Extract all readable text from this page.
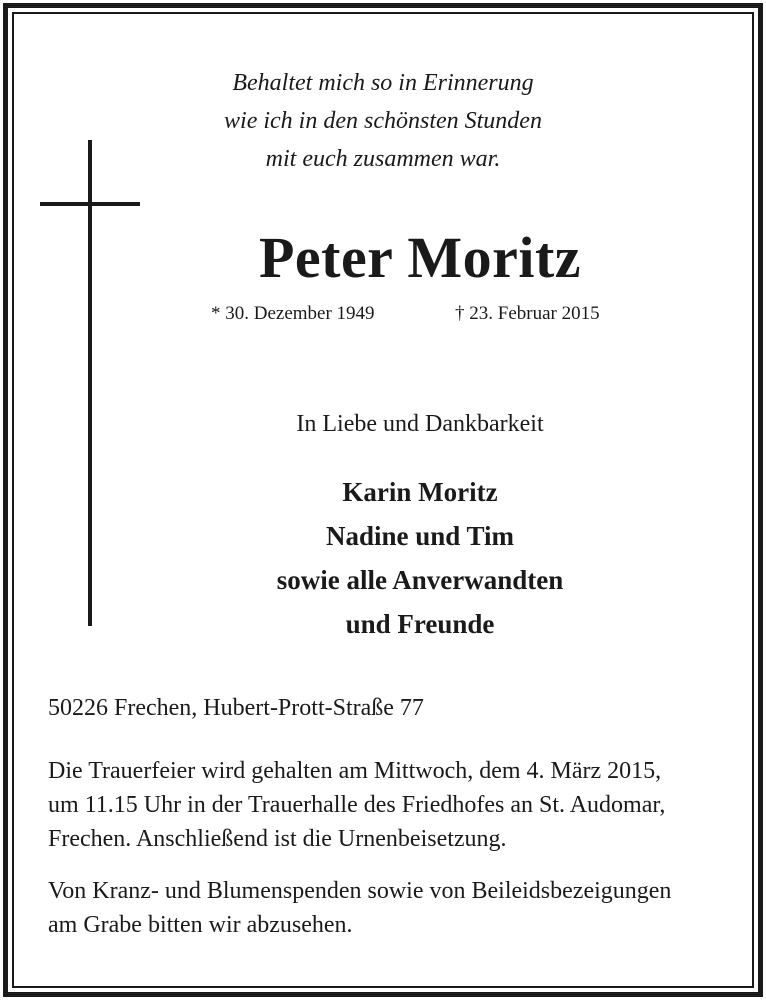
Behaltet mich so in Erinnerung
wie ich in den schönsten Stunden
mit euch zusammen war.
Peter Moritz
* 30. Dezember 1949	† 23. Februar 2015
In Liebe und Dankbarkeit
Karin Moritz
Nadine und Tim
sowie alle Anverwandten
und Freunde
50226 Frechen, Hubert-Prott-Straße 77
Die Trauerfeier wird gehalten am Mittwoch, dem 4. März 2015,
um 11.15 Uhr in der Trauerhalle des Friedhofes an St. Audomar,
Frechen. Anschließend ist die Urnenbeisetzung.
Von Kranz- und Blumenspenden sowie von Beileidsbezeigungen
am Grabe bitten wir abzusehen.
